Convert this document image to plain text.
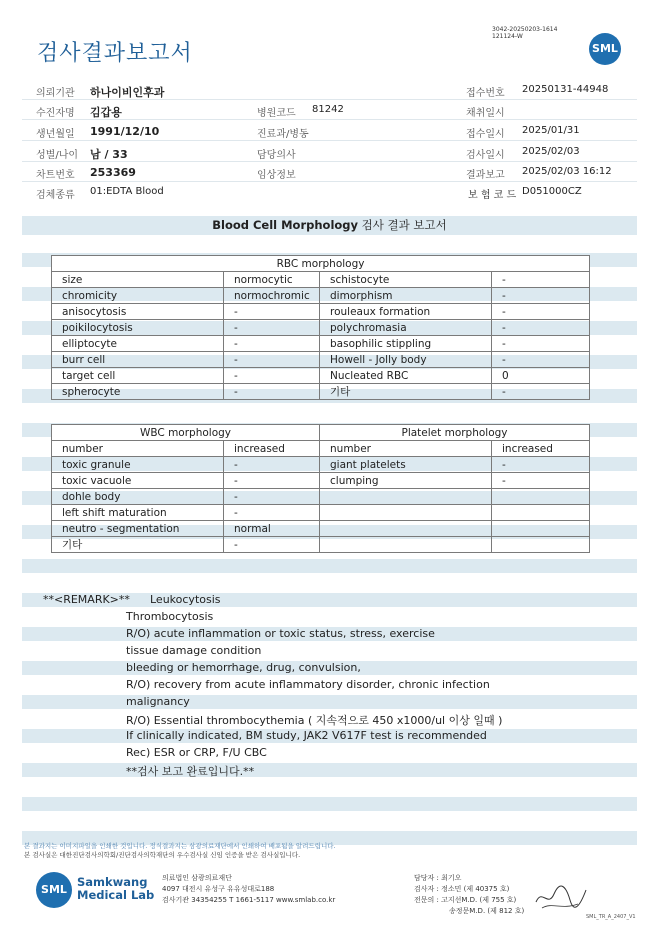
검사결과보고서
3042-20250203-1614
121124-W
SML
의뢰기관 하나이비인후과	접수번호 20250131-44948
수진자명 김갑용	병원코드 81242	채취일시
생년월일 1991/12/10	진료과/병동	접수일시 2025/01/31
성별/나이 남 / 33	담당의사	검사일시 2025/02/03
차트번호 253369	임상정보	결과보고 2025/02/03 16:12
검체종류 01:EDTA Blood	보 험 코 드 D051000CZ
Blood Cell Morphology 검사 결과 보고서
RBC morphology			
size	normocytic	schistocyte	-
chromicity	normochromic	dimorphism	-
anisocytosis	-	rouleaux formation	-
poikilocytosis	-	polychromasia	-
elliptocyte	-	basophilic stippling	-
burr cell	-	Howell - Jolly body	-
target cell	-	Nucleated RBC	0
spherocyte	-	기타	-
WBC morphology		Platelet morphology	
number	increased	number	increased
toxic granule	-	giant platelets	-
toxic vacuole	-	clumping	-
dohle body	-		
left shift maturation	-		
neutro - segmentation	normal		
기타	-		
**<REMARK>** Leukocytosis
Thrombocytosis
R/O) acute inflammation or toxic status, stress, exercise
tissue damage condition
bleeding or hemorrhage, drug, convulsion,
R/O) recovery from acute inflammatory disorder, chronic infection
malignancy
R/O) Essential thrombocythemia ( 지속적으로 450 x1000/ul 이상 일때 )
If clinically indicated, BM study, JAK2 V617F test is recommended
Rec) ESR or CRP, F/U CBC
**검사 보고 완료입니다.**
본 결과지는 이미지파일을 인쇄한 것입니다. 정식결과지는 삼광의료재단에서 인쇄하여 배포됨을 알려드립니다.
본 검사실은 대한진단검사의학회/진단검사의학재단의 우수검사실 신임 인증을 받은 검사실입니다.
SML
Samkwang
Medical Lab
의료법인 삼광의료재단
4097 대전시 유성구 유유성대로188
검사기관 34354255 T 1661-5117 www.smlab.co.kr
담당자 : 최기오
검사자 : 정소민 (제 40375 호)
전문의 : 고지선M.D. (제 755 호)
송정문M.D. (제 812 호)
SML_TR_A_2407_V1
